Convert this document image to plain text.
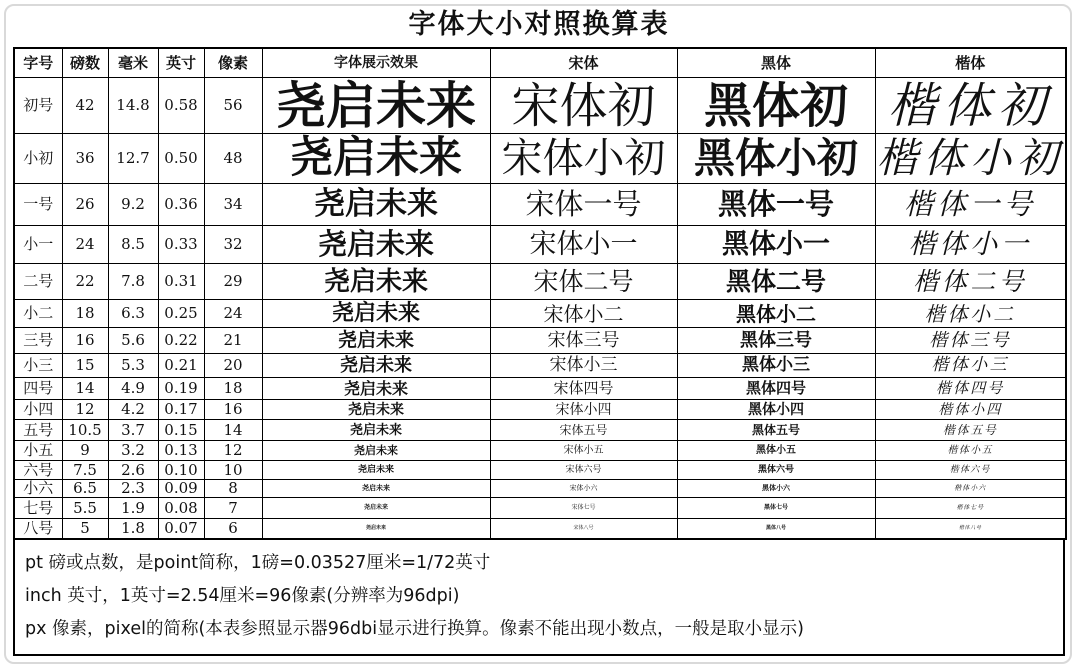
字体大小对照换算表
字号	磅数	毫米	英寸	像素	字体展示效果	宋体	黑体	楷体
初号	42	14.8	0.58	56	尧启未来	宋体初	黑体初	楷体初
小初	36	12.7	0.50	48	尧启未来	宋体小初	黑体小初	楷体小初
一号	26	9.2	0.36	34	尧启未来	宋体一号	黑体一号	楷体一号
小一	24	8.5	0.33	32	尧启未来	宋体小一	黑体小一	楷体小一
二号	22	7.8	0.31	29	尧启未来	宋体二号	黑体二号	楷体二号
小二	18	6.3	0.25	24	尧启未来	宋体小二	黑体小二	楷体小二
三号	16	5.6	0.22	21	尧启未来	宋体三号	黑体三号	楷体三号
小三	15	5.3	0.21	20	尧启未来	宋体小三	黑体小三	楷体小三
四号	14	4.9	0.19	18	尧启未来	宋体四号	黑体四号	楷体四号
小四	12	4.2	0.17	16	尧启未来	宋体小四	黑体小四	楷体小四
五号	10.5	3.7	0.15	14	尧启未来	宋体五号	黑体五号	楷体五号
小五	9	3.2	0.13	12	尧启未来	宋体小五	黑体小五	楷体小五
六号	7.5	2.6	0.10	10	尧启未来	宋体六号	黑体六号	楷体六号
小六	6.5	2.3	0.09	8	尧启未来	宋体小六	黑体小六	楷体小六
七号	5.5	1.9	0.08	7	尧启未来	宋体七号	黑体七号	楷体七号
八号	5	1.8	0.07	6	尧启未来	宋体八号	黑体八号	楷体八号
pt 磅或点数，是point简称，1磅=0.03527厘米=1/72英寸
inch 英寸，1英寸=2.54厘米=96像素(分辨率为96dpi)
px 像素，pixel的简称(本表参照显示器96dbi显示进行换算。像素不能出现小数点，一般是取小显示)
